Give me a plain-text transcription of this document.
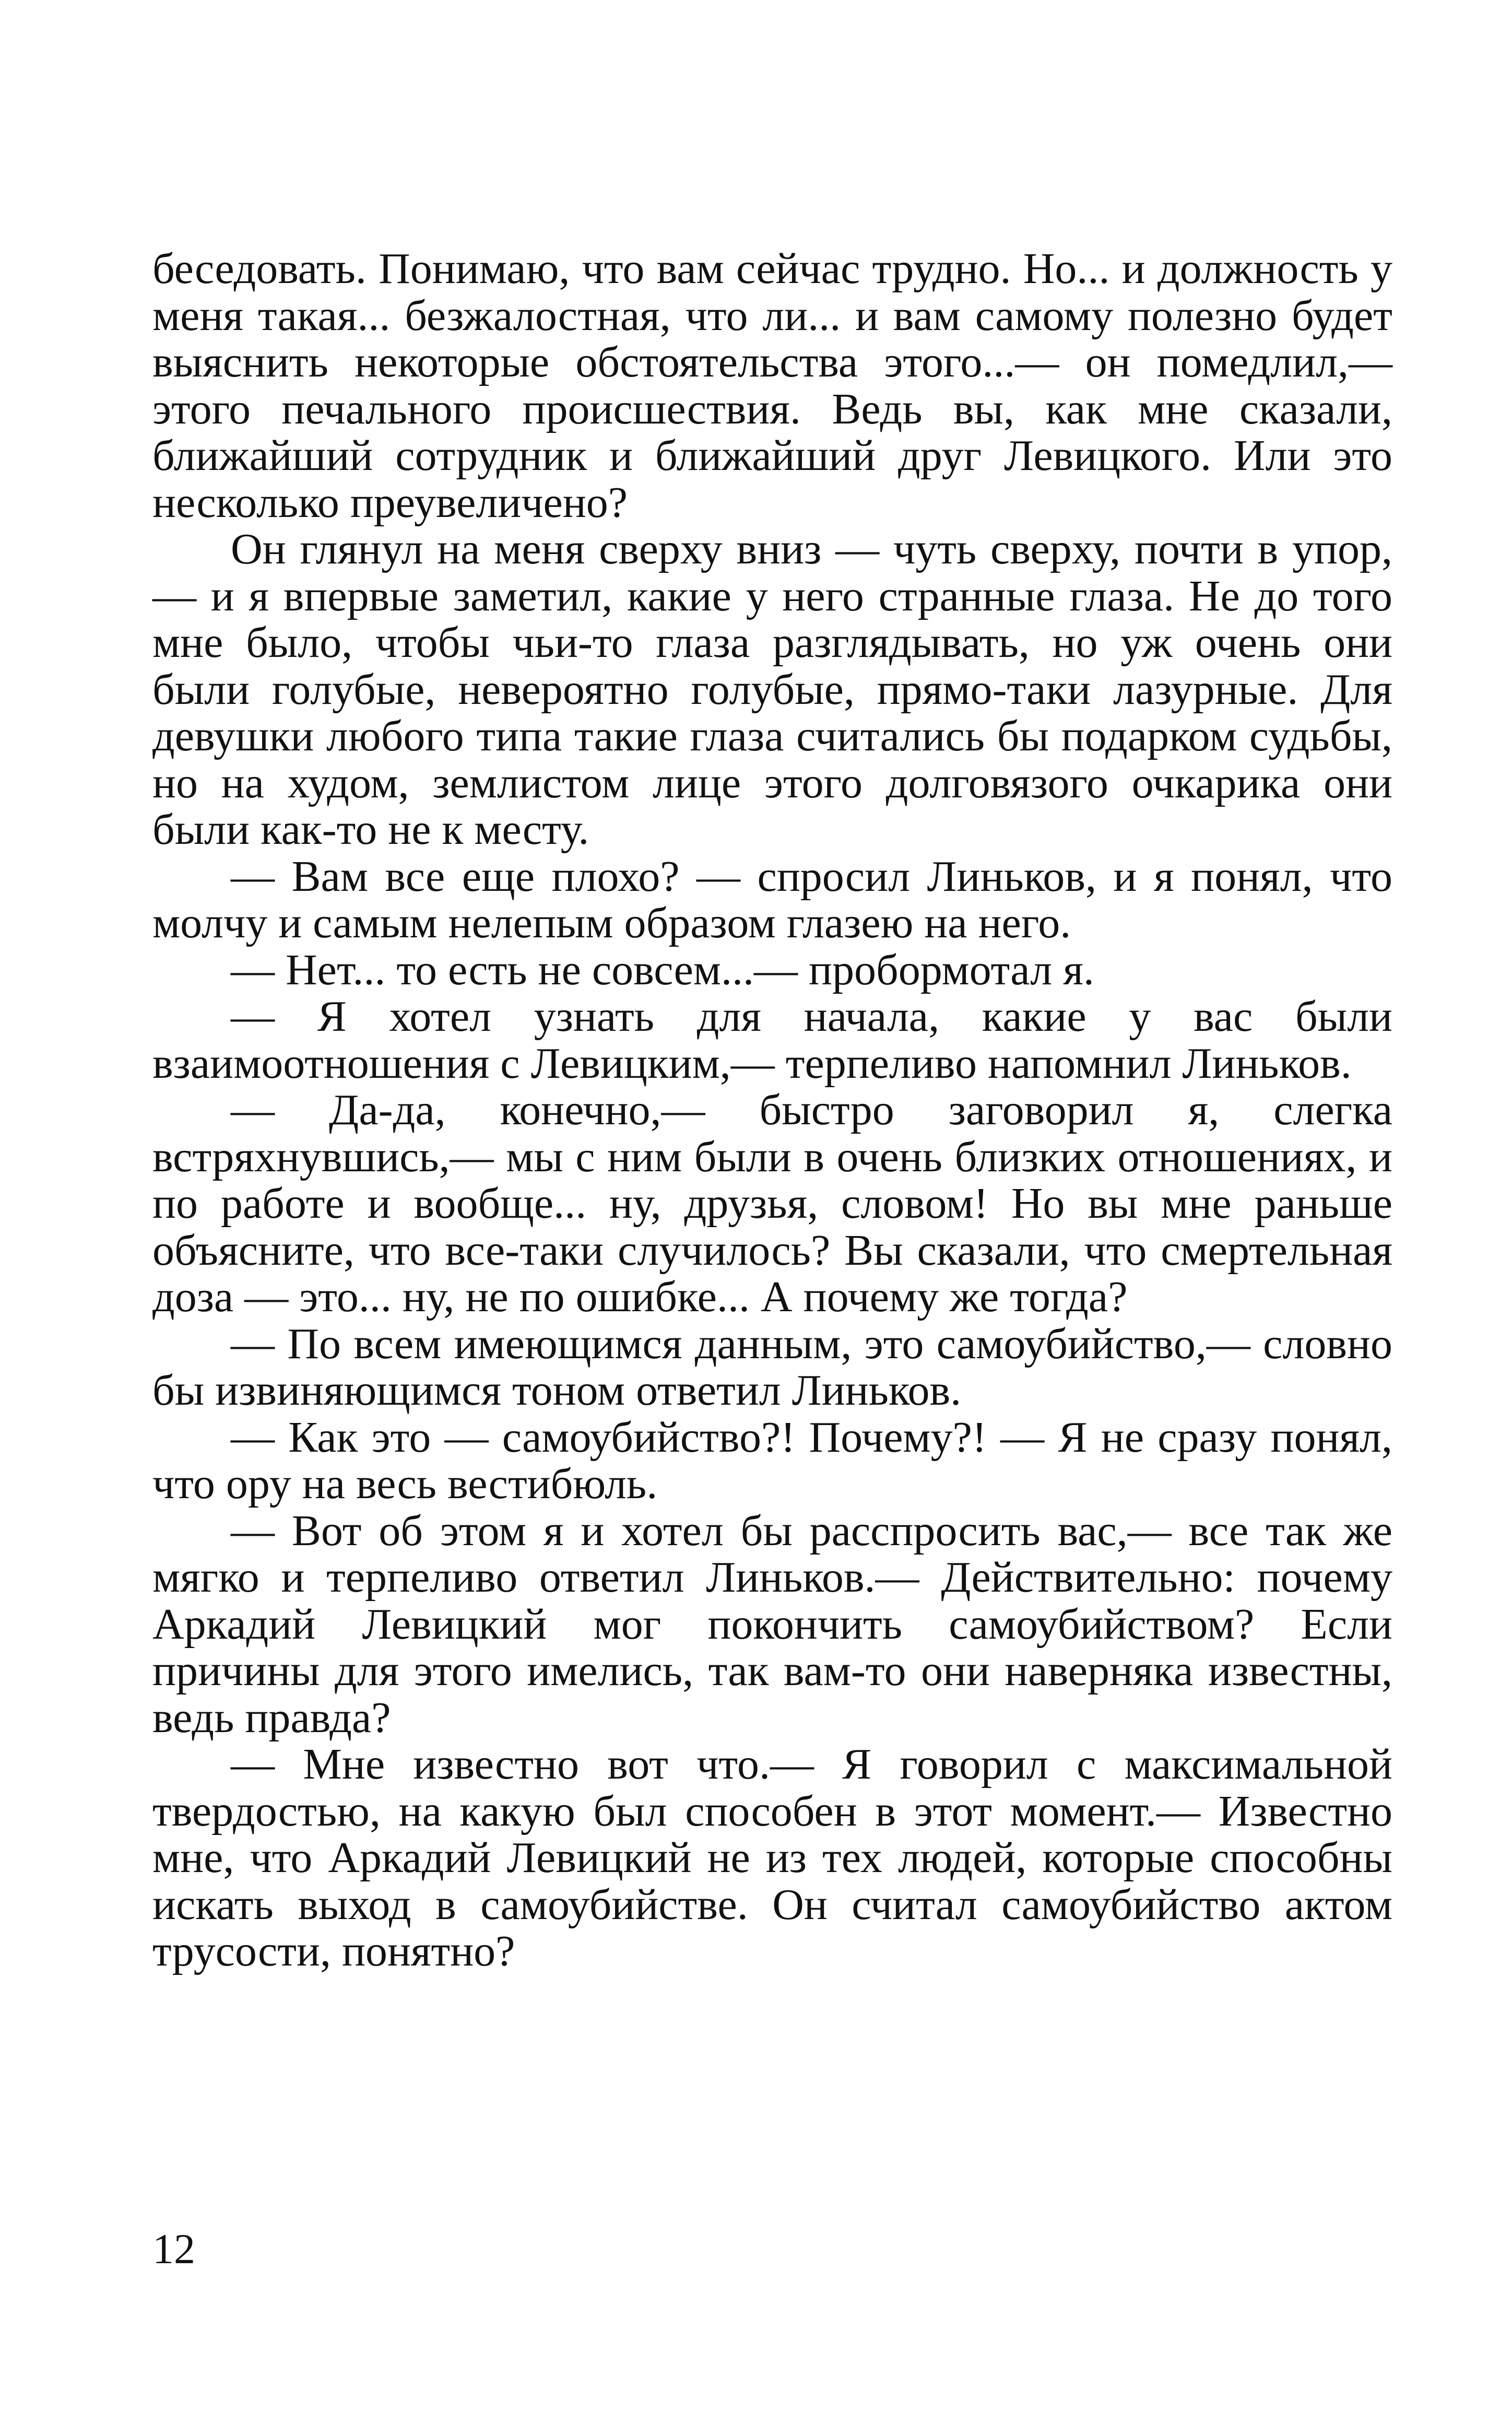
беседовать. Понимаю, что вам сейчас трудно. Но... и должность у меня такая... безжалостная, что ли... и вам самому полезно будет выяснить некоторые обстоятельства этого...— он помедлил,— этого печального происшествия. Ведь вы, как мне сказали, ближайший сотрудник и ближайший друг Левицкого. Или это несколько преувеличено?

Он глянул на меня сверху вниз — чуть сверху, почти в упор,— и я впервые заметил, какие у него странные глаза. Не до того мне было, чтобы чьи-то глаза разглядывать, но уж очень они были голубые, невероятно голубые, прямо-таки лазурные. Для девушки любого типа такие глаза считались бы подарком судьбы, но на худом, землистом лице этого долговязого очкарика они были как-то не к месту.

— Вам все еще плохо? — спросил Линьков, и я понял, что молчу и самым нелепым образом глазею на него.

— Нет... то есть не совсем...— пробормотал я.

— Я хотел узнать для начала, какие у вас были взаимоотношения с Левицким,— терпеливо напомнил Линьков.

— Да-да, конечно,— быстро заговорил я, слегка встряхнувшись,— мы с ним были в очень близких отношениях, и по работе и вообще... ну, друзья, словом! Но вы мне раньше объясните, что все-таки случилось? Вы сказали, что смертельная доза — это... ну, не по ошибке... А почему же тогда?

— По всем имеющимся данным, это самоубийство,— словно бы извиняющимся тоном ответил Линьков.

— Как это — самоубийство?! Почему?! — Я не сразу понял, что ору на весь вестибюль.

— Вот об этом я и хотел бы расспросить вас,— все так же мягко и терпеливо ответил Линьков.— Действительно: почему Аркадий Левицкий мог покончить самоубийством? Если причины для этого имелись, так вам-то они наверняка известны, ведь правда?

— Мне известно вот что.— Я говорил с максимальной твердостью, на какую был способен в этот момент.— Известно мне, что Аркадий Левицкий не из тех людей, которые способны искать выход в самоубийстве. Он считал самоубийство актом трусости, понятно?

12
